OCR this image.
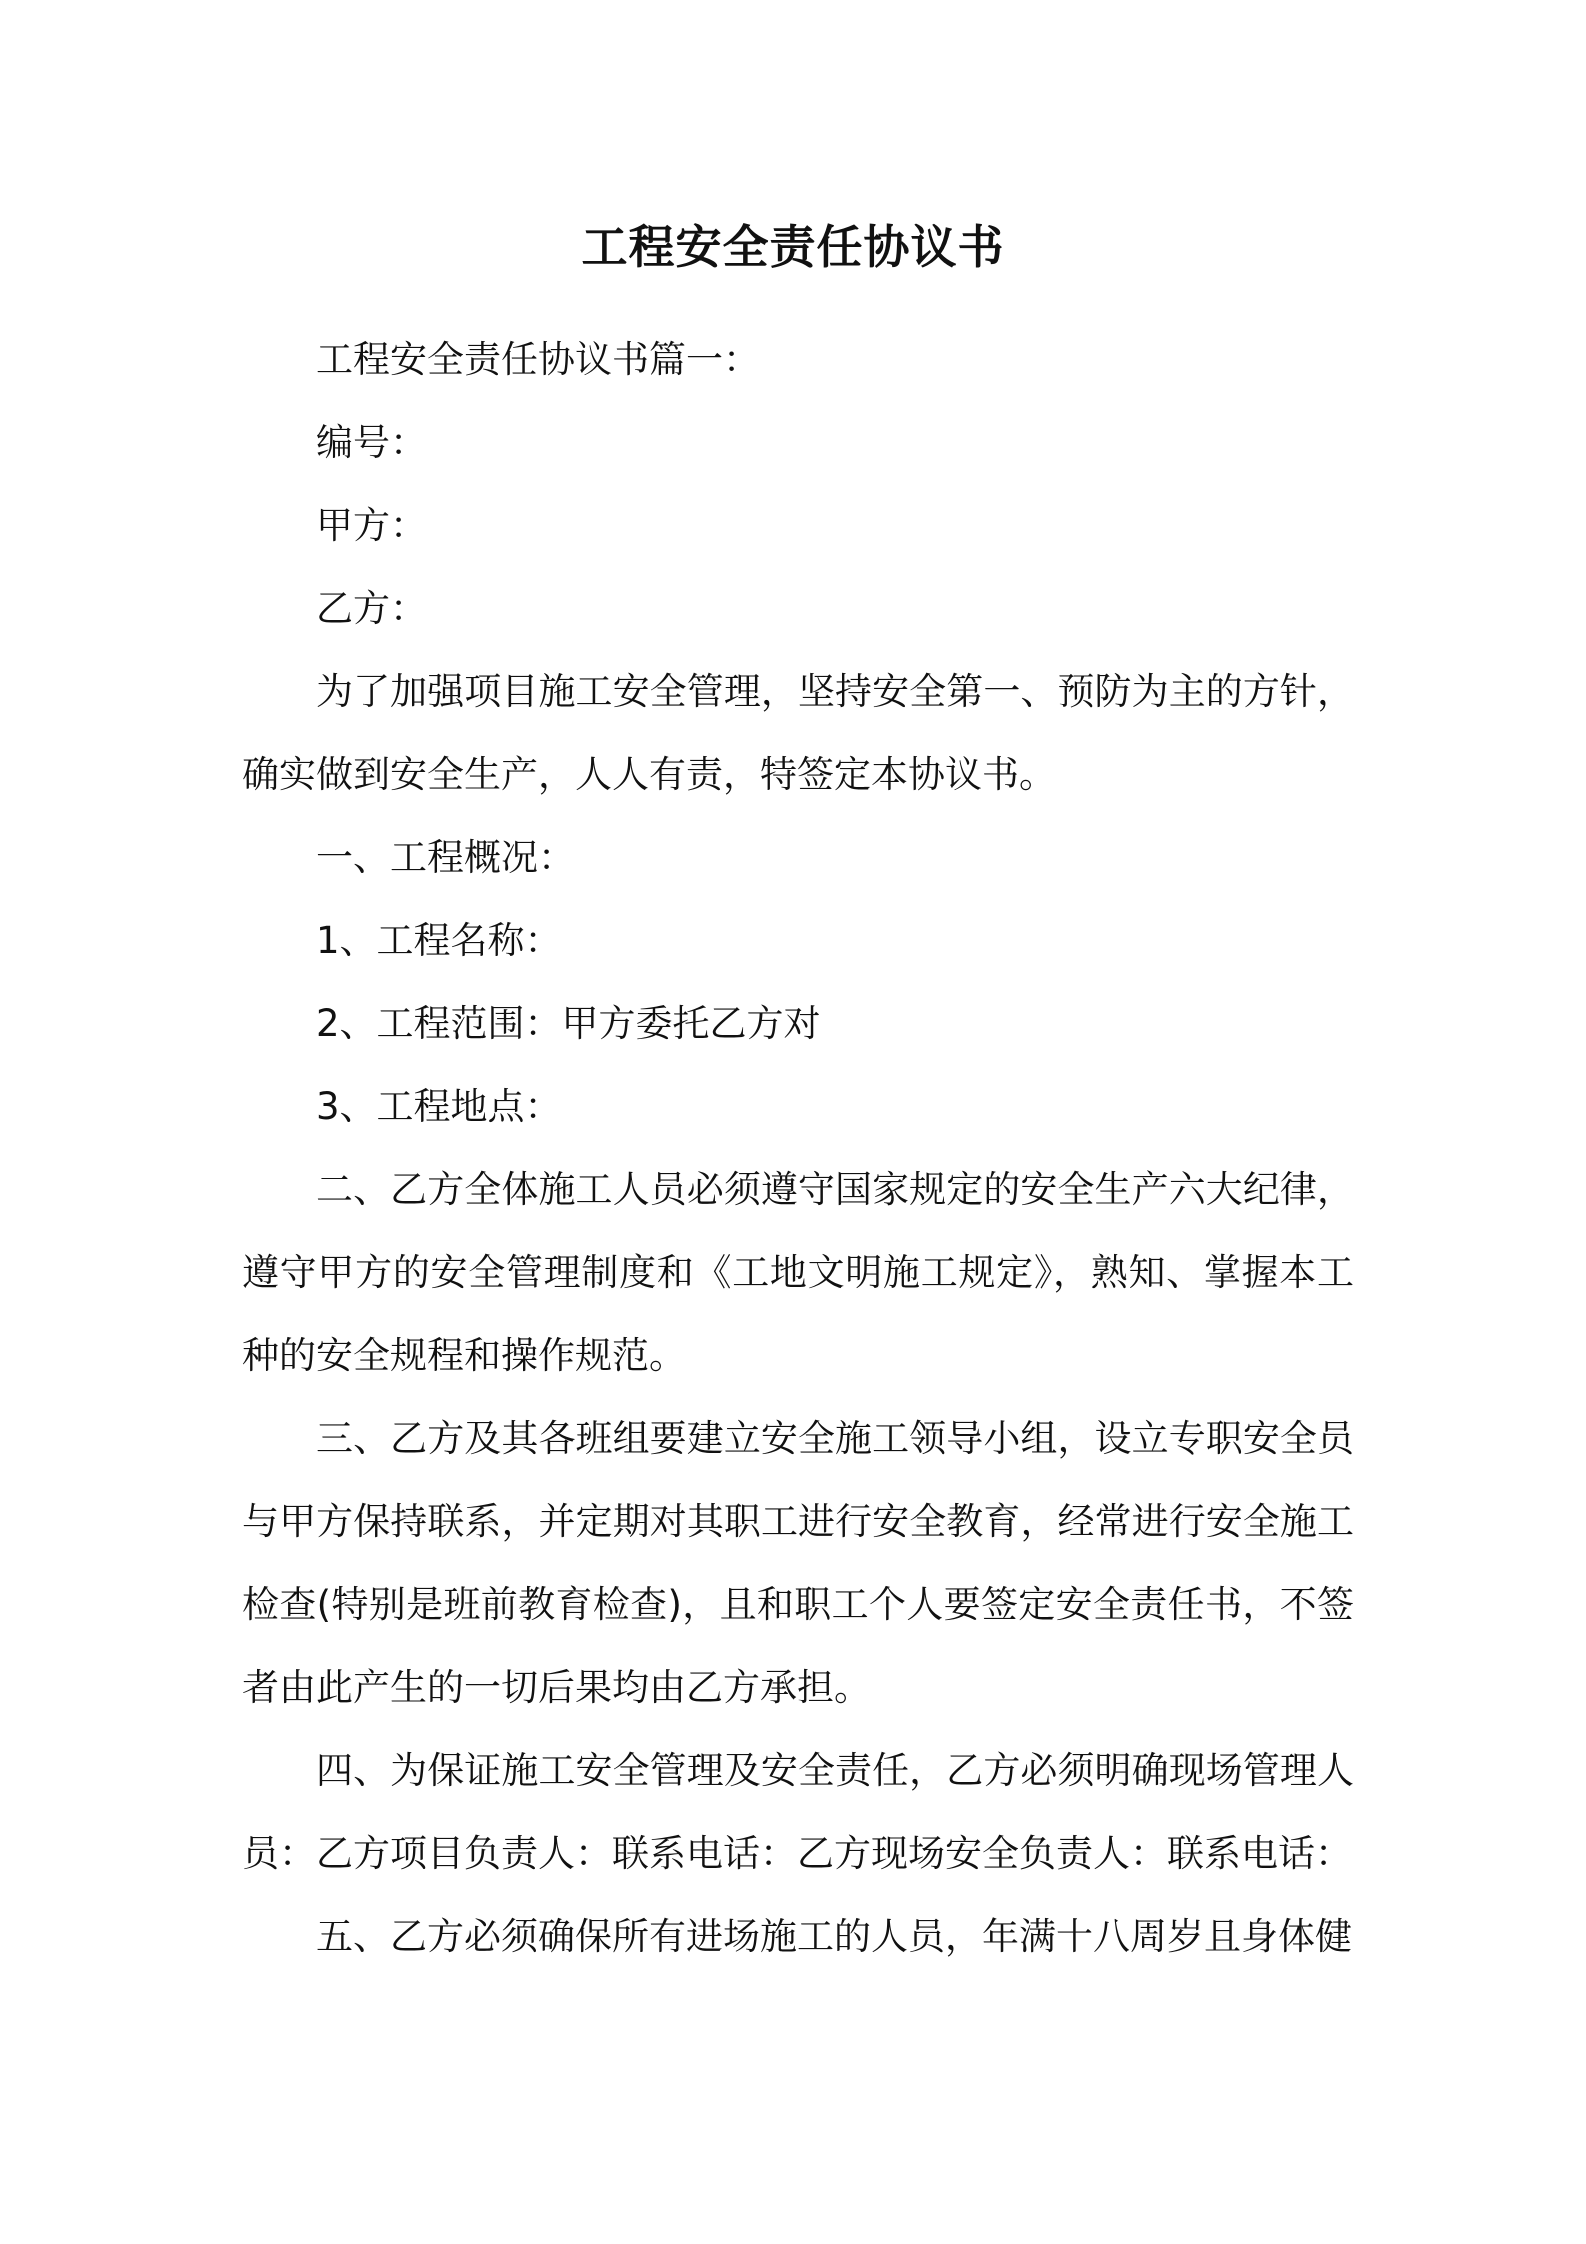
工程安全责任协议书

工程安全责任协议书篇一：

编号：

甲方：

乙方：

为了加强项目施工安全管理，坚持安全第一、预防为主的方针，确实做到安全生产，人人有责，特签定本协议书。

一、工程概况：

1、工程名称：

2、工程范围：甲方委托乙方对

3、工程地点：

二、乙方全体施工人员必须遵守国家规定的安全生产六大纪律，遵守甲方的安全管理制度和《工地文明施工规定》，熟知、掌握本工种的安全规程和操作规范。

三、乙方及其各班组要建立安全施工领导小组，设立专职安全员与甲方保持联系，并定期对其职工进行安全教育，经常进行安全施工检查(特别是班前教育检查)，且和职工个人要签定安全责任书，不签者由此产生的一切后果均由乙方承担。

四、为保证施工安全管理及安全责任，乙方必须明确现场管理人员：乙方项目负责人：联系电话：乙方现场安全负责人：联系电话：

五、乙方必须确保所有进场施工的人员，年满十八周岁且身体健
